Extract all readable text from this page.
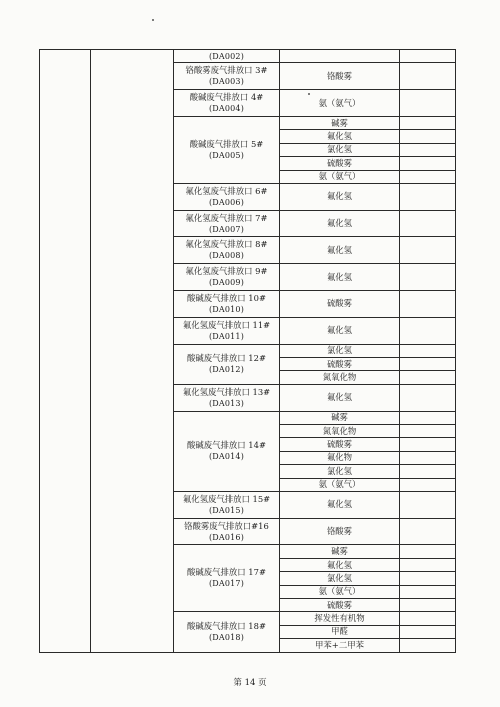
		(DA002)		

		铬酸雾废气排放口 3#
(DA003)	铬酸雾	

		酸碱废气排放口 4#
(DA004)	氨（氨气）	

		酸碱废气排放口 5#
(DA005)	碱雾	
			氟化氢	
			氯化氢	
			硫酸雾	
			氨（氨气）	

		氟化氢废气排放口 6#
(DA006)	氟化氢	

		氟化氢废气排放口 7#
(DA007)	氟化氢	

		氟化氢废气排放口 8#
(DA008)	氟化氢	

		氟化氢废气排放口 9#
(DA009)	氟化氢	

		酸碱废气排放口 10#
(DA010)	硫酸雾	

		氟化氢废气排放口 11#
(DA011)	氟化氢	

		酸碱废气排放口 12#
(DA012)	氯化氢	
			硫酸雾	
			氮氧化物	

		氟化氢废气排放口 13#
(DA013)	氟化氢	

		酸碱废气排放口 14#
(DA014)	碱雾	
			氮氧化物	
			硫酸雾	
			氟化物	
			氯化氢	
			氨（氨气）	

		氟化氢废气排放口 15#
(DA015)	氟化氢	

		铬酸雾废气排放口#16
(DA016)	铬酸雾	

		酸碱废气排放口 17#
(DA017)	碱雾	
			氟化氢	
			氯化氢	
			氨（氨气）	
			硫酸雾	

		酸碱废气排放口 18#
(DA018)	挥发性有机物	
			甲醛	
			甲苯+二甲苯	
第 14 页
